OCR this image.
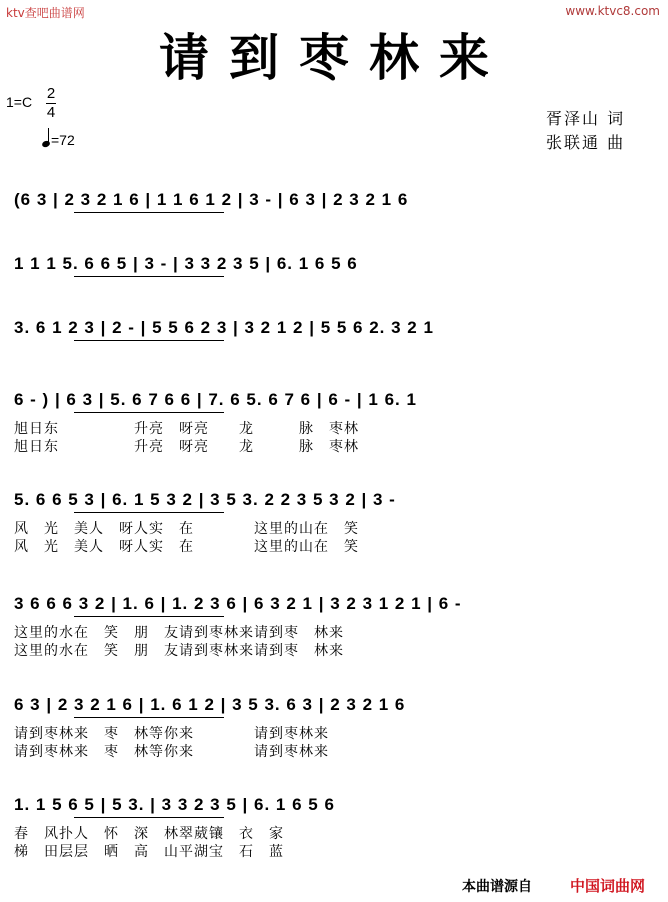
ktv查吧曲谱网	www.ktvc8.com
请到枣林来
1=C 2
4
=72
胥泽山 词
张联通 曲
(6 3 | 2 3 2 1 6 | 1 1 6 1 2 | 3 - | 6 3 | 2 3 2 1 6
1 1 1 5. 6 6 5 | 3 - | 3 3 2 3 5 | 6. 1 6 5 6
3. 6 1 2 3 | 2 - | 5 5 6 2 3 | 3 2 1 2 | 5 5 6 2. 3 2 1
6 - ) | 6 3 | 5. 6 7 6 6 | 7. 6 5. 6 7 6 | 6 - | 1 6. 1
旭日东　　　　　升亮　呀亮　　龙　　　脉　枣林
旭日东　　　　　升亮　呀亮　　龙　　　脉　枣林
5. 6 6 5 3 | 6. 1 5 3 2 | 3 5 3. 2 2 3 5 3 2 | 3 -
风　光　美人　呀人实　在　　　　这里的山在　笑
风　光　美人　呀人实　在　　　　这里的山在　笑
3 6 6 6 3 2 | 1. 6 | 1. 2 3 6 | 6 3 2 1 | 3 2 3 1 2 1 | 6 -
这里的水在　笑　朋　友请到枣林来请到枣　林来
这里的水在　笑　朋　友请到枣林来请到枣　林来
6 3 | 2 3 2 1 6 | 1. 6 1 2 | 3 5 3. 6 3 | 2 3 2 1 6
请到枣林来　枣　林等你来　　　　请到枣林来
请到枣林来　枣　林等你来　　　　请到枣林来
1. 1 5 6 5 | 5 3. | 3 3 2 3 5 | 6. 1 6 5 6
春　风扑人　怀　深　林翠葳镶　衣　家
梯　田层层　晒　高　山平湖宝　石　蓝
本曲谱源自	中国词曲网
